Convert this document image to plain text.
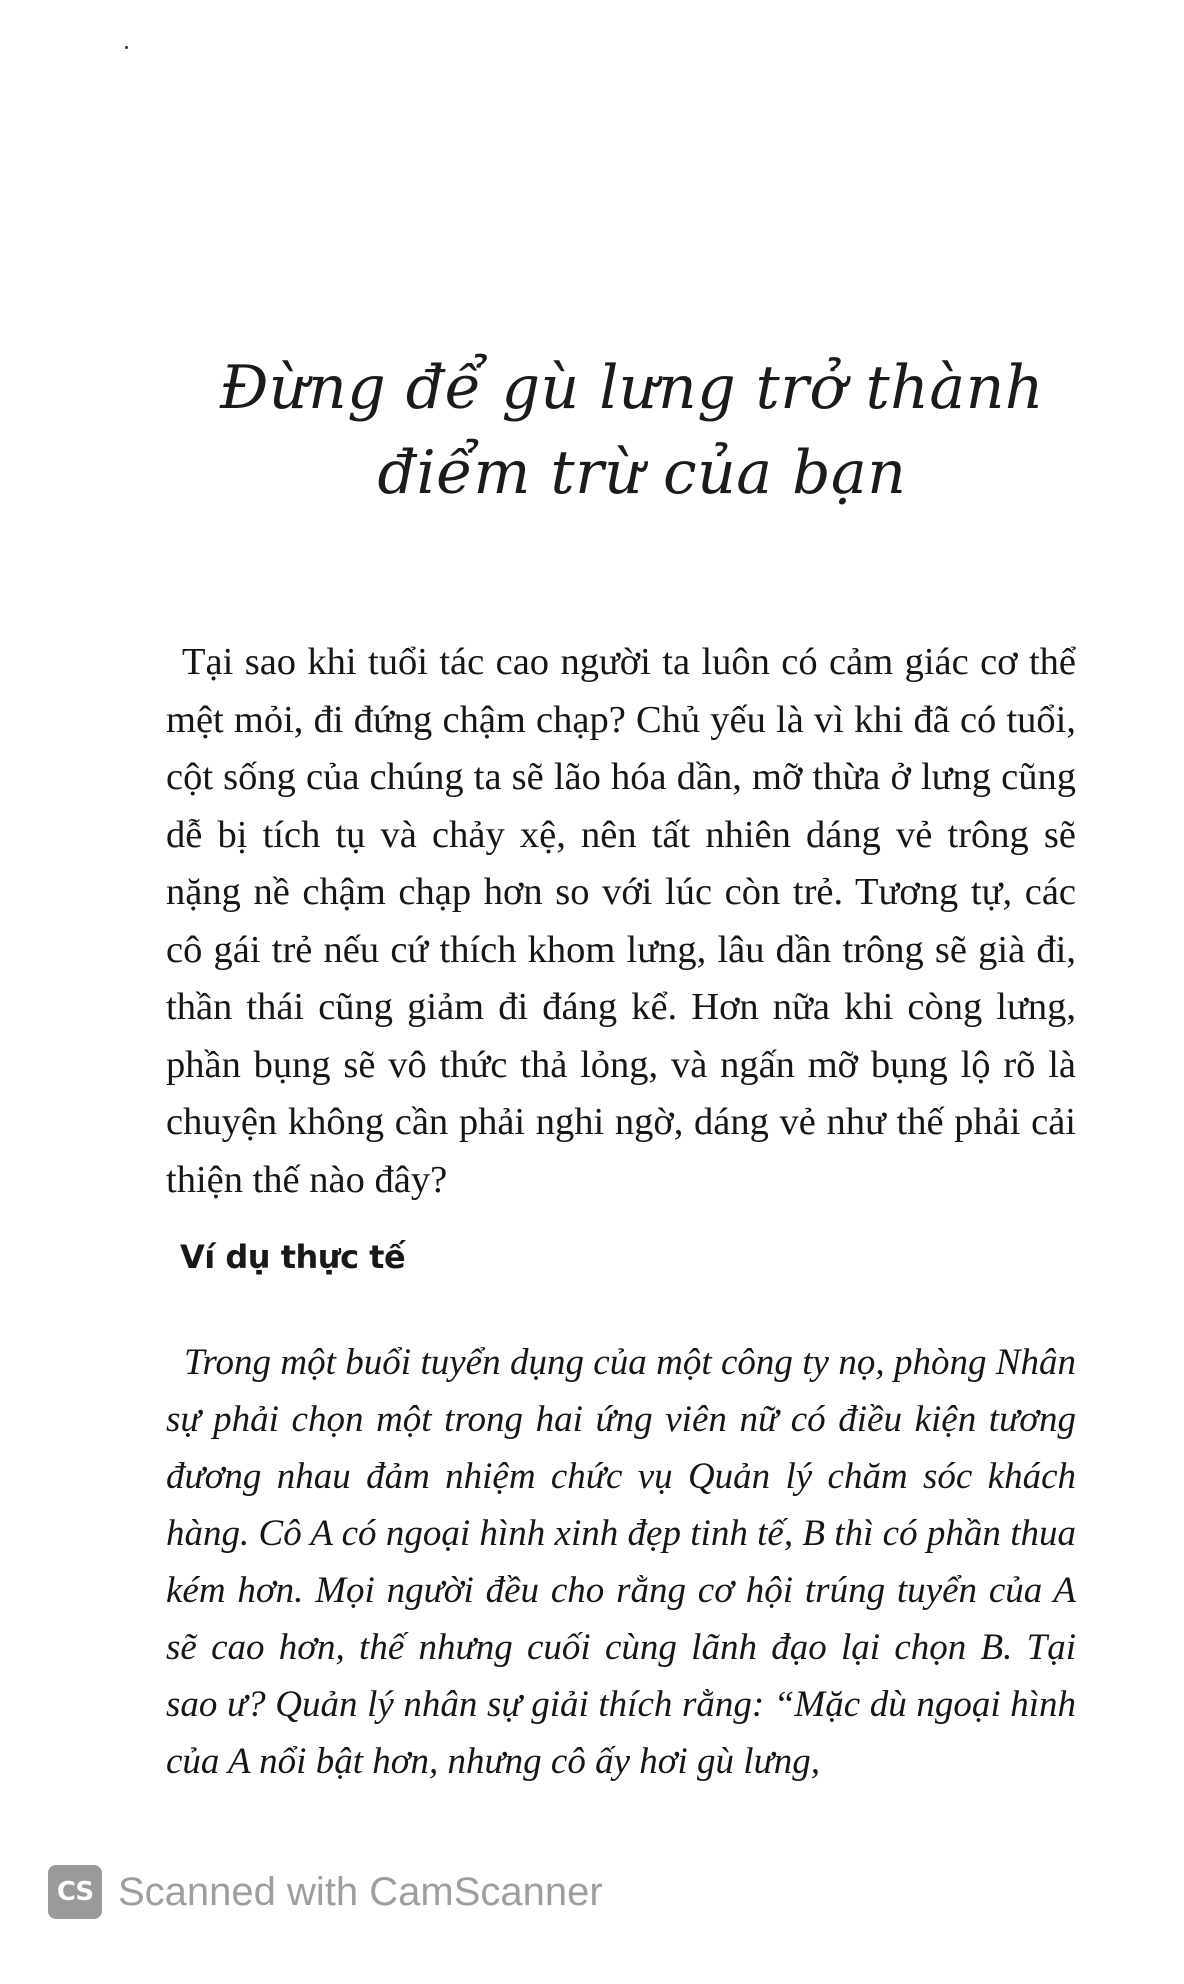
Đừng để gù lưng trở thành
điểm trừ của bạn

Tại sao khi tuổi tác cao người ta luôn có cảm giác cơ thể mệt mỏi, đi đứng chậm chạp? Chủ yếu là vì khi đã có tuổi, cột sống của chúng ta sẽ lão hóa dần, mỡ thừa ở lưng cũng dễ bị tích tụ và chảy xệ, nên tất nhiên dáng vẻ trông sẽ nặng nề chậm chạp hơn so với lúc còn trẻ. Tương tự, các cô gái trẻ nếu cứ thích khom lưng, lâu dần trông sẽ già đi, thần thái cũng giảm đi đáng kể. Hơn nữa khi còng lưng, phần bụng sẽ vô thức thả lỏng, và ngấn mỡ bụng lộ rõ là chuyện không cần phải nghi ngờ, dáng vẻ như thế phải cải thiện thế nào đây?

Ví dụ thực tế

Trong một buổi tuyển dụng của một công ty nọ, phòng Nhân sự phải chọn một trong hai ứng viên nữ có điều kiện tương đương nhau đảm nhiệm chức vụ Quản lý chăm sóc khách hàng. Cô A có ngoại hình xinh đẹp tinh tế, B thì có phần thua kém hơn. Mọi người đều cho rằng cơ hội trúng tuyển của A sẽ cao hơn, thế nhưng cuối cùng lãnh đạo lại chọn B. Tại sao ư? Quản lý nhân sự giải thích rằng: “Mặc dù ngoại hình của A nổi bật hơn, nhưng cô ấy hơi gù lưng,

CS Scanned with CamScanner
